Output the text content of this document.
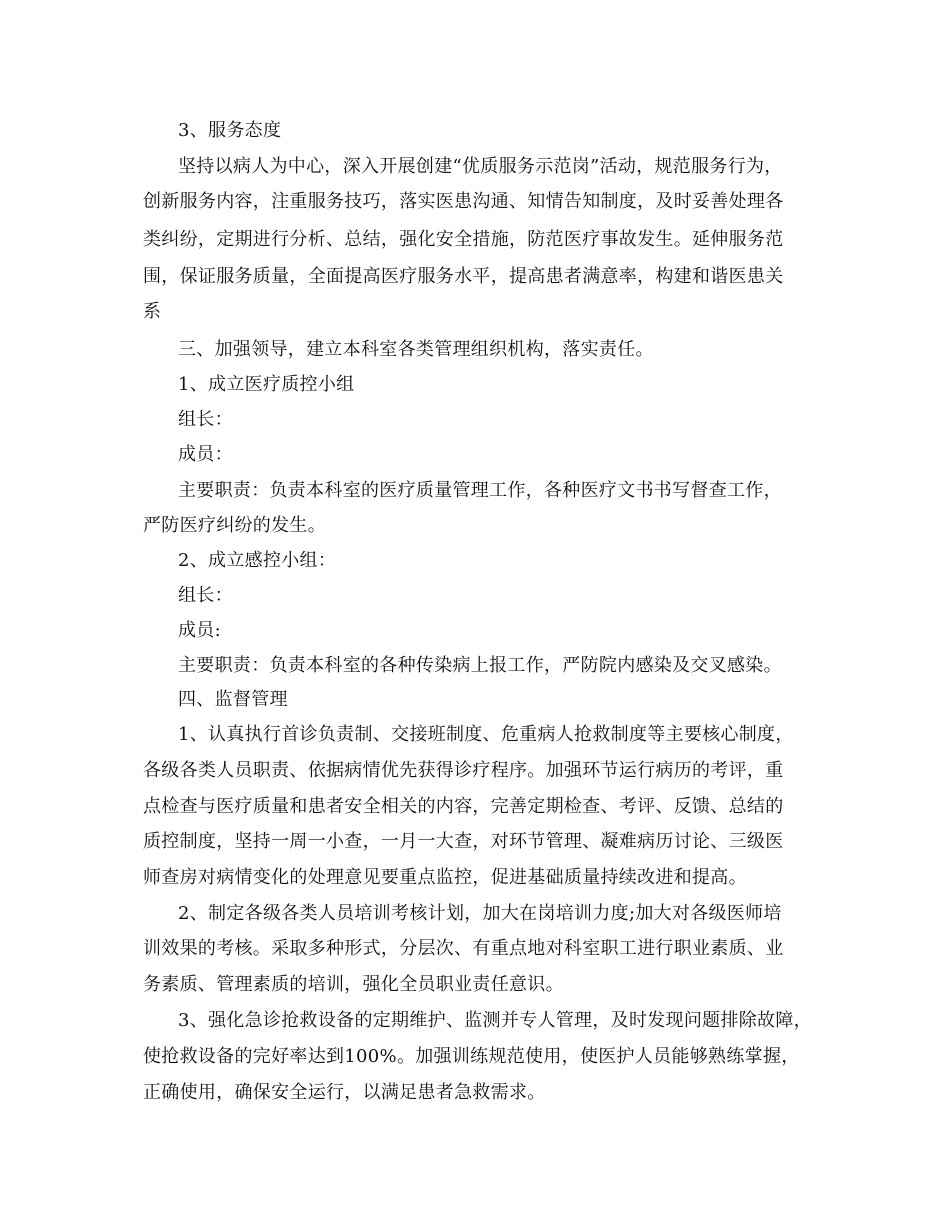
3、服务态度
坚持以病人为中心，深入开展创建“优质服务示范岗”活动，规范服务行为，
创新服务内容，注重服务技巧，落实医患沟通、知情告知制度，及时妥善处理各
类纠纷，定期进行分析、总结，强化安全措施，防范医疗事故发生。延伸服务范
围，保证服务质量，全面提高医疗服务水平，提高患者满意率，构建和谐医患关
系
三、加强领导，建立本科室各类管理组织机构，落实责任。
1、成立医疗质控小组
组长：
成员：
主要职责：负责本科室的医疗质量管理工作，各种医疗文书书写督查工作，
严防医疗纠纷的发生。
2、成立感控小组：
组长：
成员:
主要职责：负责本科室的各种传染病上报工作，严防院内感染及交叉感染。
四、监督管理
1、认真执行首诊负责制、交接班制度、危重病人抢救制度等主要核心制度，
各级各类人员职责、依据病情优先获得诊疗程序。加强环节运行病历的考评，重
点检查与医疗质量和患者安全相关的内容，完善定期检查、考评、反馈、总结的
质控制度，坚持一周一小查，一月一大查，对环节管理、凝难病历讨论、三级医
师查房对病情变化的处理意见要重点监控，促进基础质量持续改进和提高。
2、制定各级各类人员培训考核计划，加大在岗培训力度;加大对各级医师培
训效果的考核。采取多种形式，分层次、有重点地对科室职工进行职业素质、业
务素质、管理素质的培训，强化全员职业责任意识。
3、强化急诊抢救设备的定期维护、监测并专人管理，及时发现问题排除故障，
使抢救设备的完好率达到100%。加强训练规范使用，使医护人员能够熟练掌握，
正确使用，确保安全运行，以满足患者急救需求。
